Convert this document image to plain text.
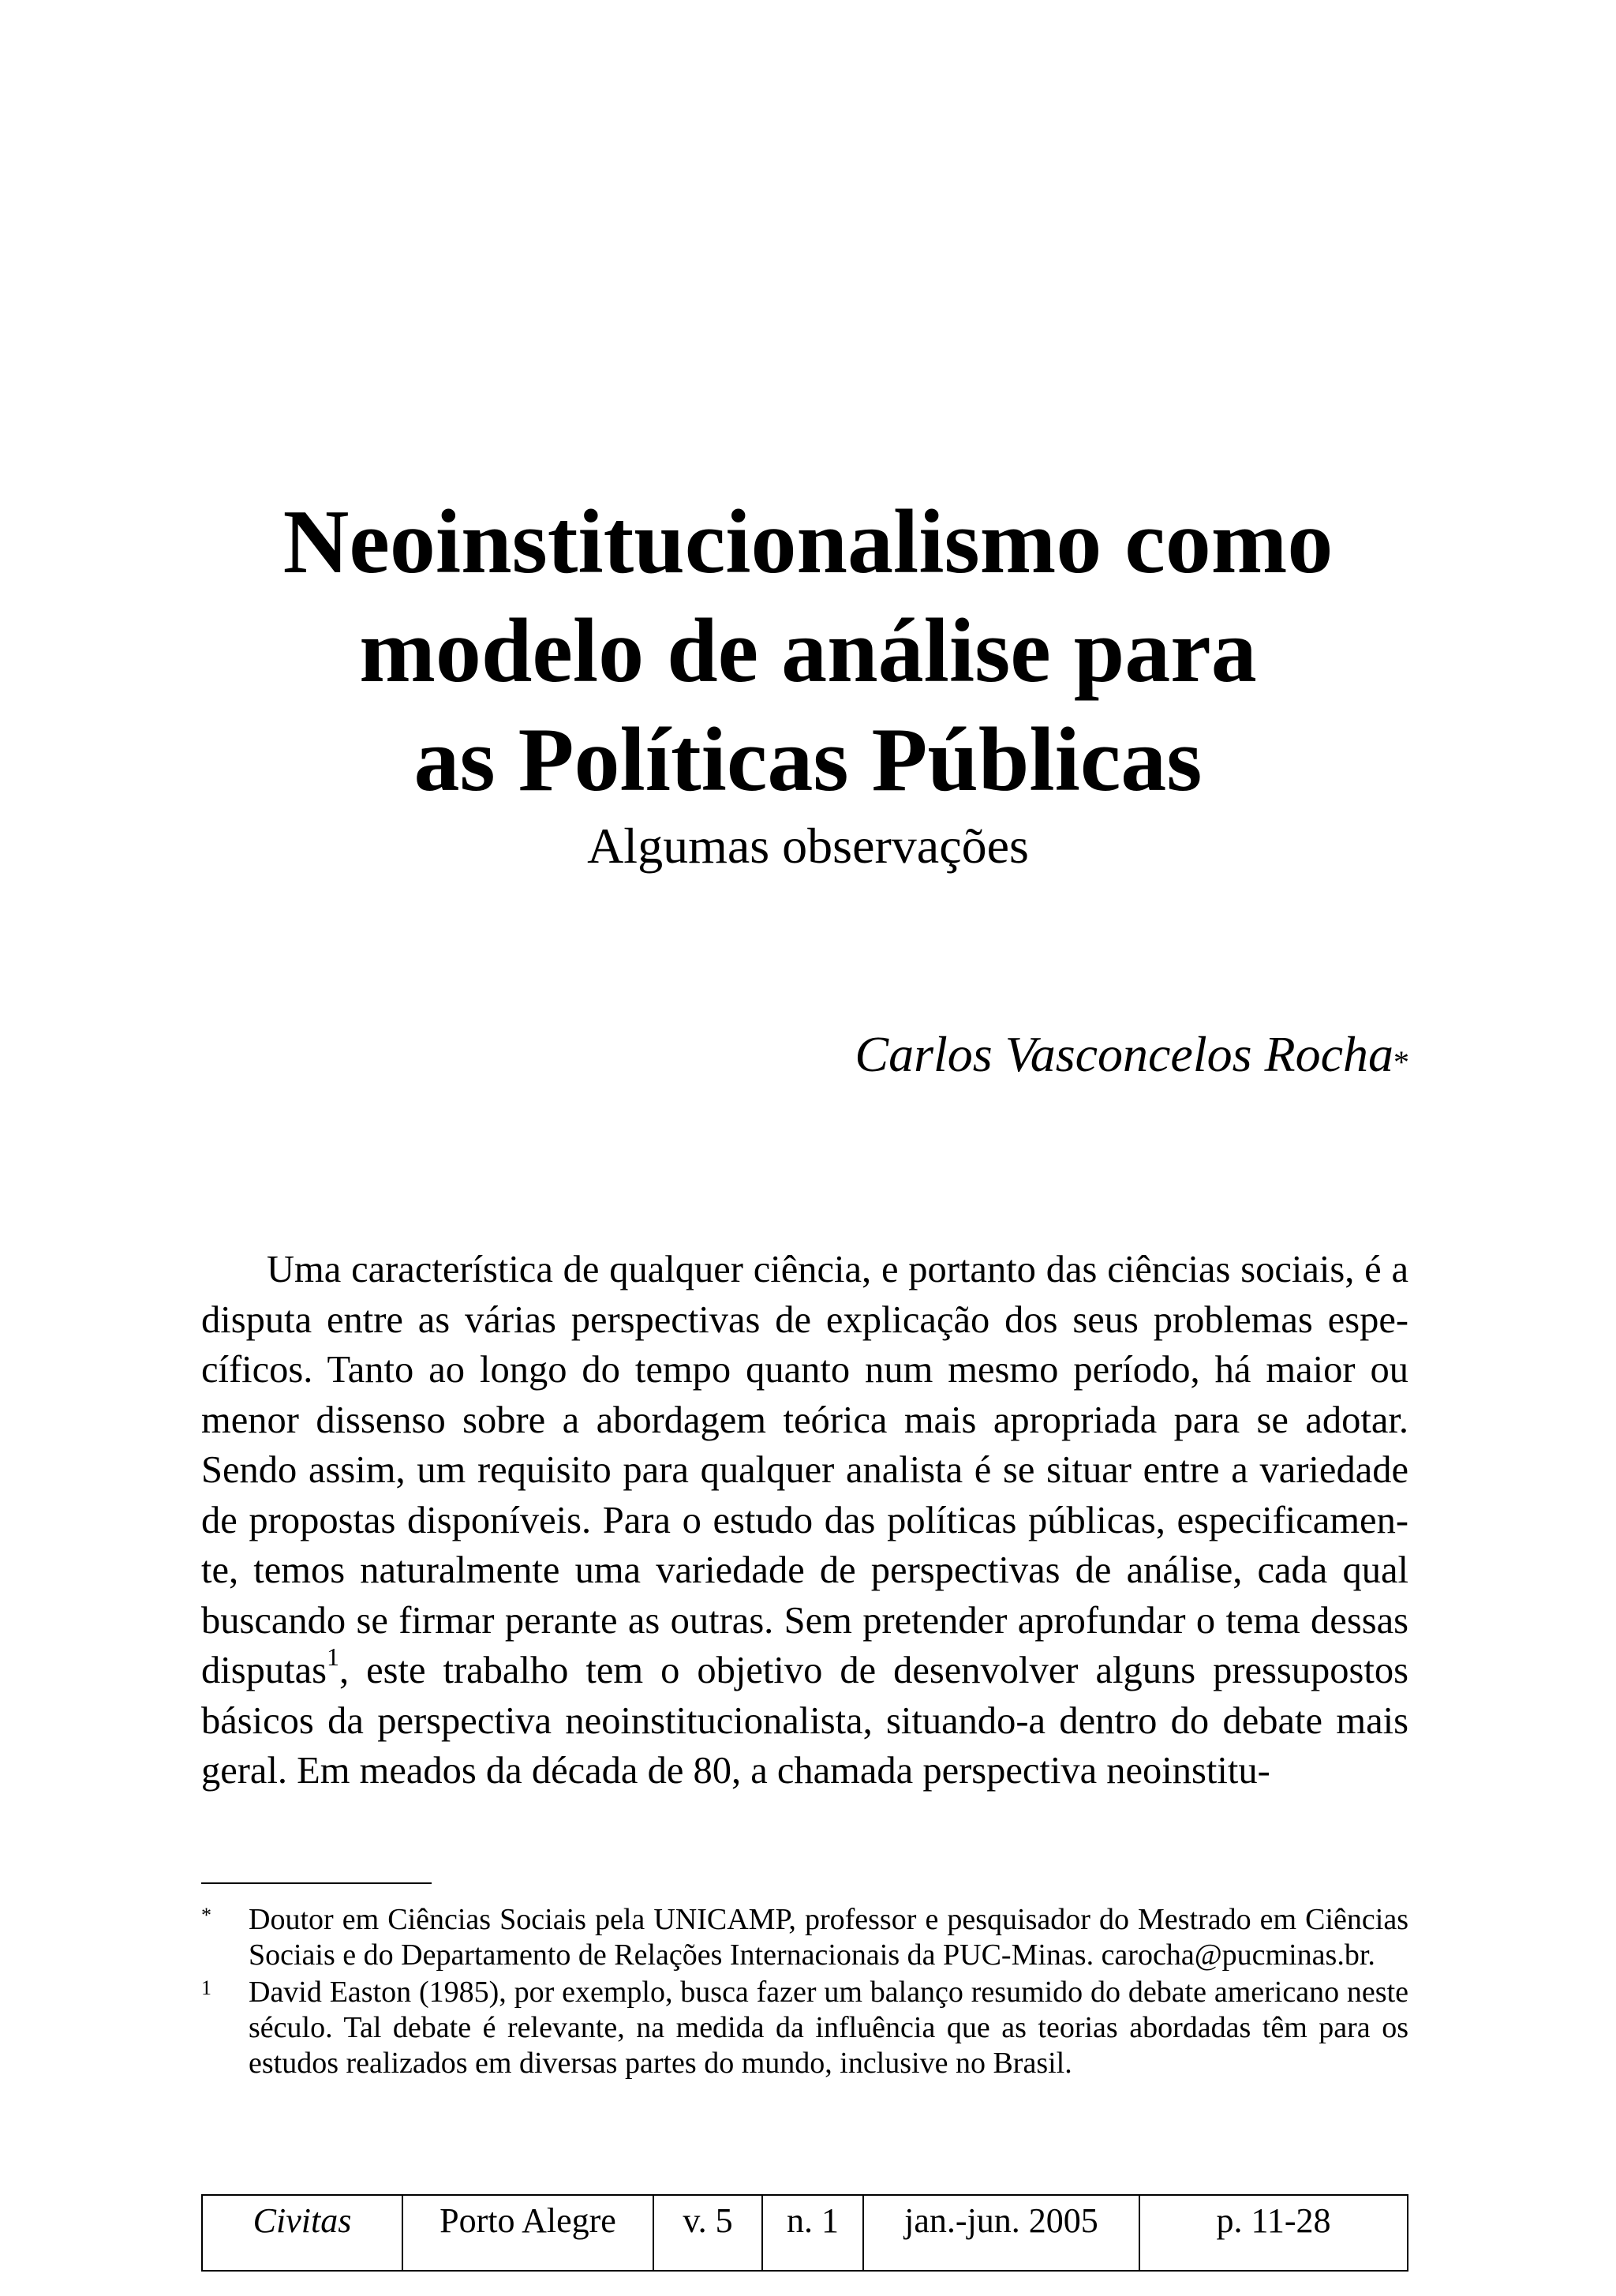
Neoinstitucionalismo como
modelo de análise para
as Políticas Públicas
Algumas observações
Carlos Vasconcelos Rocha*

Uma característica de qualquer ciência, e portanto das ciências sociais, é a disputa entre as várias perspectivas de explicação dos seus problemas específicos. Tanto ao longo do tempo quanto num mesmo período, há maior ou menor dissenso sobre a abordagem teórica mais apropriada para se adotar. Sendo assim, um requisito para qualquer analista é se situar entre a variedade de propostas disponíveis. Para o estudo das políticas públicas, especificamente, temos naturalmente uma variedade de perspectivas de análise, cada qual buscando se firmar perante as outras. Sem pretender aprofundar o tema dessas disputas$^1$, este trabalho tem o objetivo de desenvolver alguns pressupostos básicos da perspectiva neoinstitucionalista, situando-a dentro do debate mais geral. Em meados da década de 80, a chamada perspectiva neoinstitu-

* Doutor em Ciências Sociais pela UNICAMP, professor e pesquisador do Mestrado em Ciências Sociais e do Departamento de Relações Internacionais da PUC-Minas. carocha@pucminas.br.

1 David Easton (1985), por exemplo, busca fazer um balanço resumido do debate americano neste século. Tal debate é relevante, na medida da influência que as teorias abordadas têm para os estudos realizados em diversas partes do mundo, inclusive no Brasil.

Civitas	Porto Alegre	v. 5	n. 1	jan.-jun. 2005	p. 11-28
